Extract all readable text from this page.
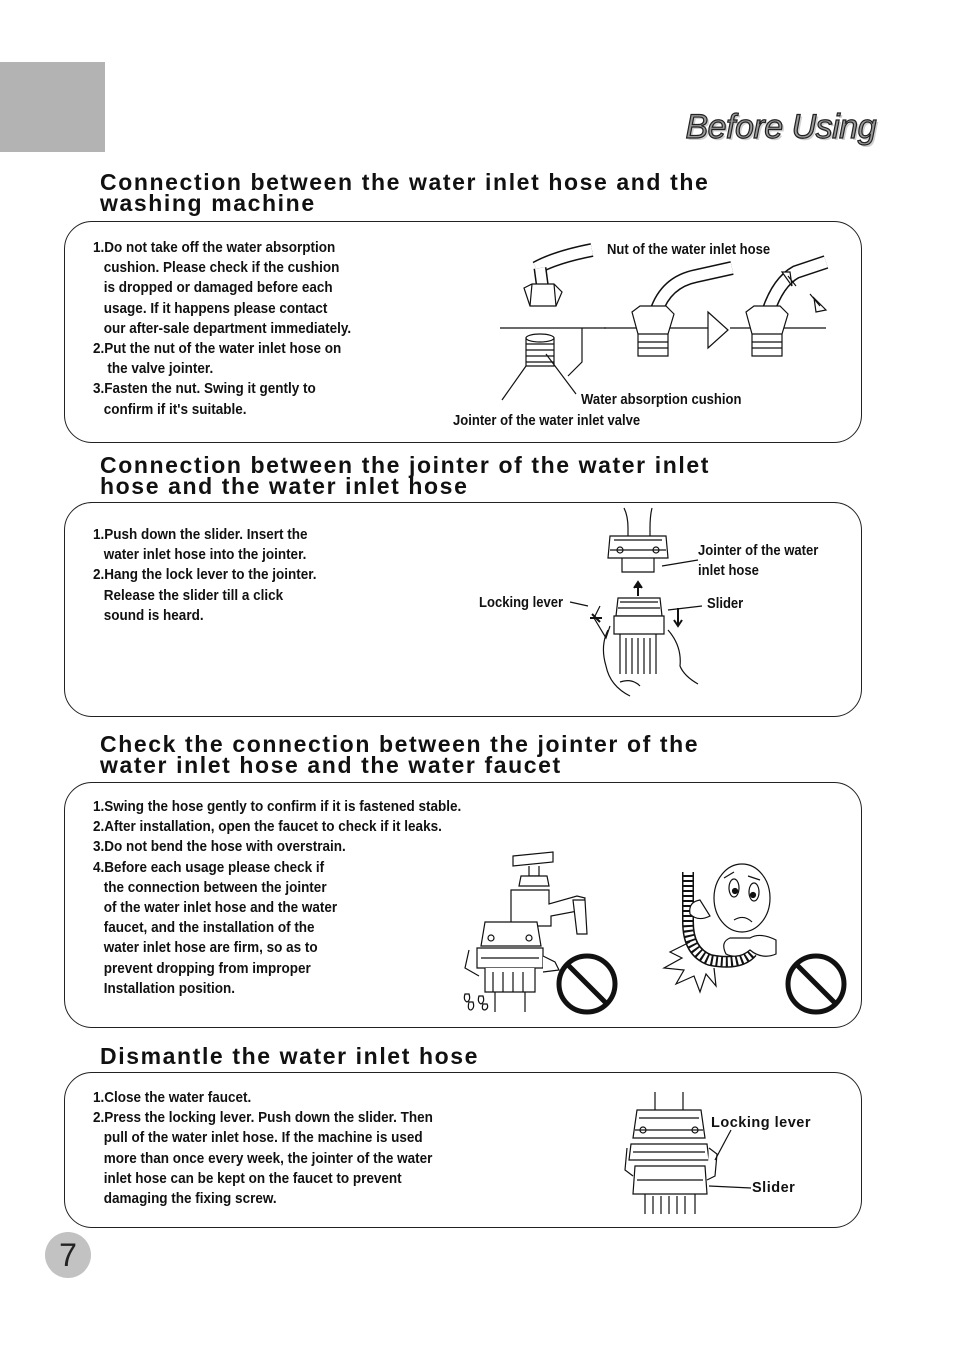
Before Using
Connection between the water inlet hose and the
washing machine
1.Do not take off the water absorption
cushion. Please check if the cushion
is dropped or damaged before each
usage. If it happens please contact
our after-sale department immediately.
2.Put the nut of the water inlet hose on
the valve jointer.
3.Fasten the nut. Swing it gently to
confirm if it's suitable.
Nut of the water inlet hose
Water absorption cushion
Jointer of the water inlet valve
Connection between the jointer of the water inlet
hose and the water inlet hose
1.Push down the slider. Insert the
water inlet hose into the jointer.
2.Hang the lock lever to the jointer.
Release the slider till a click
sound is heard.
Jointer of the water
inlet hose
Locking lever	Slider
Check the connection between the jointer of the
water inlet hose and the water faucet
1.Swing the hose gently to confirm if it is fastened stable.
2.After installation, open the faucet to check if it leaks.
3.Do not bend the hose with overstrain.
4.Before each usage please check if
the connection between the jointer
of the water inlet hose and the water
faucet, and the installation of the
water inlet hose are firm, so as to
prevent dropping from improper
Installation position.
Dismantle the water inlet hose
1.Close the water faucet.
2.Press the locking lever. Push down the slider. Then
pull of the water inlet hose. If the machine is used
more than once every week, the jointer of the water
inlet hose can be kept on the faucet to prevent
damaging the fixing screw.
Locking lever
Slider
7
